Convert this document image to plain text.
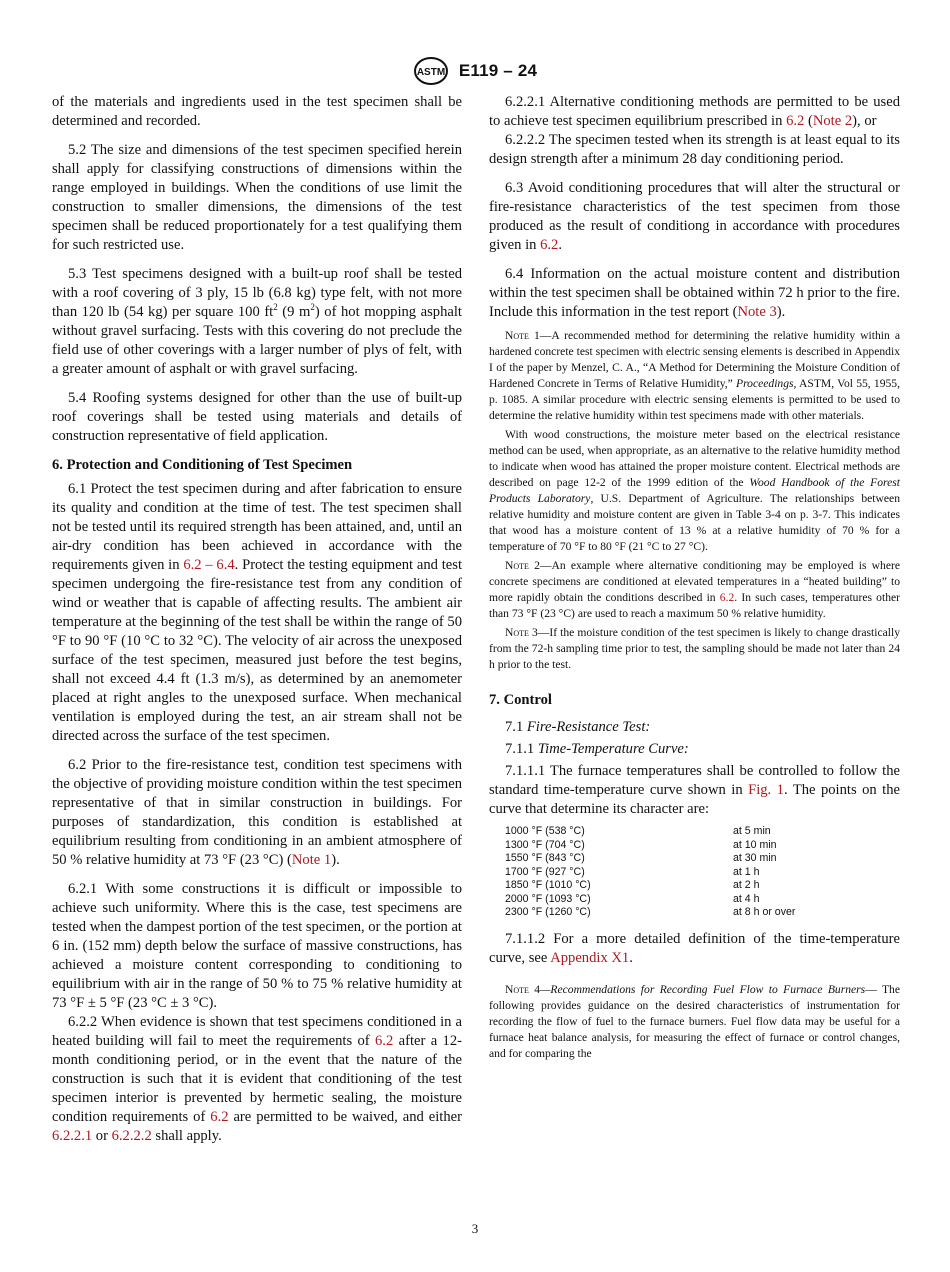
ASTM E119 – 24

of the materials and ingredients used in the test specimen shall be determined and recorded.

5.2 The size and dimensions of the test specimen specified herein shall apply for classifying constructions of dimensions within the range employed in buildings. When the conditions of use limit the construction to smaller dimensions, the dimensions of the test specimen shall be reduced proportionately for a test qualifying them for such restricted use.

5.3 Test specimens designed with a built-up roof shall be tested with a roof covering of 3 ply, 15 lb (6.8 kg) type felt, with not more than 120 lb (54 kg) per square 100 $ft^2$ (9 $m^2$) of hot mopping asphalt without gravel surfacing. Tests with this covering do not preclude the field use of other coverings with a larger number of plys of felt, with a greater amount of asphalt or with gravel surfacing.

5.4 Roofing systems designed for other than the use of built-up roof coverings shall be tested using materials and details of construction representative of field application.

6. Protection and Conditioning of Test Specimen

6.1 Protect the test specimen during and after fabrication to ensure its quality and condition at the time of test. The test specimen shall not be tested until its required strength has been attained, and, until an air-dry condition has been achieved in accordance with the requirements given in 6.2 – 6.4. Protect the testing equipment and test specimen undergoing the fire-resistance test from any condition of wind or weather that is capable of affecting results. The ambient air temperature at the beginning of the test shall be within the range of 50 °F to 90 °F (10 °C to 32 °C). The velocity of air across the unexposed surface of the test specimen, measured just before the test begins, shall not exceed 4.4 ft (1.3 m/s), as determined by an anemometer placed at right angles to the unexposed surface. When mechanical ventilation is employed during the test, an air stream shall not be directed across the surface of the test specimen.

6.2 Prior to the fire-resistance test, condition test specimens with the objective of providing moisture condition within the test specimen representative of that in similar construction in buildings. For purposes of standardization, this condition is established at equilibrium resulting from conditioning in an ambient atmosphere of 50 % relative humidity at 73 °F (23 °C) (Note 1).

6.2.1 With some constructions it is difficult or impossible to achieve such uniformity. Where this is the case, test specimens are tested when the dampest portion of the test specimen, or the portion at 6 in. (152 mm) depth below the surface of massive constructions, has achieved a moisture content corresponding to conditioning to equilibrium with air in the range of 50 % to 75 % relative humidity at 73 °F ± 5 °F (23 °C ± 3 °C).

6.2.2 When evidence is shown that test specimens conditioned in a heated building will fail to meet the requirements of 6.2 after a 12-month conditioning period, or in the event that the nature of the construction is such that it is evident that conditioning of the test specimen interior is prevented by hermetic sealing, the moisture condition requirements of 6.2 are permitted to be waived, and either 6.2.2.1 or 6.2.2.2 shall apply.

6.2.2.1 Alternative conditioning methods are permitted to be used to achieve test specimen equilibrium prescribed in 6.2 (Note 2), or

6.2.2.2 The specimen tested when its strength is at least equal to its design strength after a minimum 28 day conditioning period.

6.3 Avoid conditioning procedures that will alter the structural or fire-resistance characteristics of the test specimen from those produced as the result of conditiong in accordance with procedures given in 6.2.

6.4 Information on the actual moisture content and distribution within the test specimen shall be obtained within 72 h prior to the fire. Include this information in the test report (Note 3).

Note 1—A recommended method for determining the relative humidity within a hardened concrete test specimen with electric sensing elements is described in Appendix I of the paper by Menzel, C. A., “A Method for Determining the Moisture Condition of Hardened Concrete in Terms of Relative Humidity,” Proceedings, ASTM, Vol 55, 1955, p. 1085. A similar procedure with electric sensing elements is permitted to be used to determine the relative humidity within test specimens made with other materials.
With wood constructions, the moisture meter based on the electrical resistance method can be used, when appropriate, as an alternative to the relative humidity method to indicate when wood has attained the proper moisture content. Electrical methods are described on page 12-2 of the 1999 edition of the Wood Handbook of the Forest Products Laboratory, U.S. Department of Agriculture. The relationships between relative humidity and moisture content are given in Table 3-4 on p. 3-7. This indicates that wood has a moisture content of 13 % at a relative humidity of 70 % for a temperature of 70 °F to 80 °F (21 °C to 27 °C).
Note 2—An example where alternative conditioning may be employed is where concrete specimens are conditioned at elevated temperatures in a “heated building” to more rapidly obtain the conditions described in 6.2. In such cases, temperatures other than 73 °F (23 °C) are used to reach a maximum 50 % relative humidity.
Note 3—If the moisture condition of the test specimen is likely to change drastically from the 72-h sampling time prior to test, the sampling should be made not later than 24 h prior to the test.
7. Control

7.1 Fire-Resistance Test:

7.1.1 Time-Temperature Curve:

7.1.1.1 The furnace temperatures shall be controlled to follow the standard time-temperature curve shown in Fig. 1. The points on the curve that determine its character are:

1000 °F (538 °C)	at 5 min
1300 °F (704 °C)	at 10 min
1550 °F (843 °C)	at 30 min
1700 °F (927 °C)	at 1 h
1850 °F (1010 °C)	at 2 h
2000 °F (1093 °C)	at 4 h
2300 °F (1260 °C)	at 8 h or over

7.1.1.2 For a more detailed definition of the time-temperature curve, see Appendix X1.

Note 4—Recommendations for Recording Fuel Flow to Furnace Burners— The following provides guidance on the desired characteristics of instrumentation for recording the flow of fuel to the furnace burners. Fuel flow data may be useful for a furnace heat balance analysis, for measuring the effect of furnace or control changes, and for comparing the
3
